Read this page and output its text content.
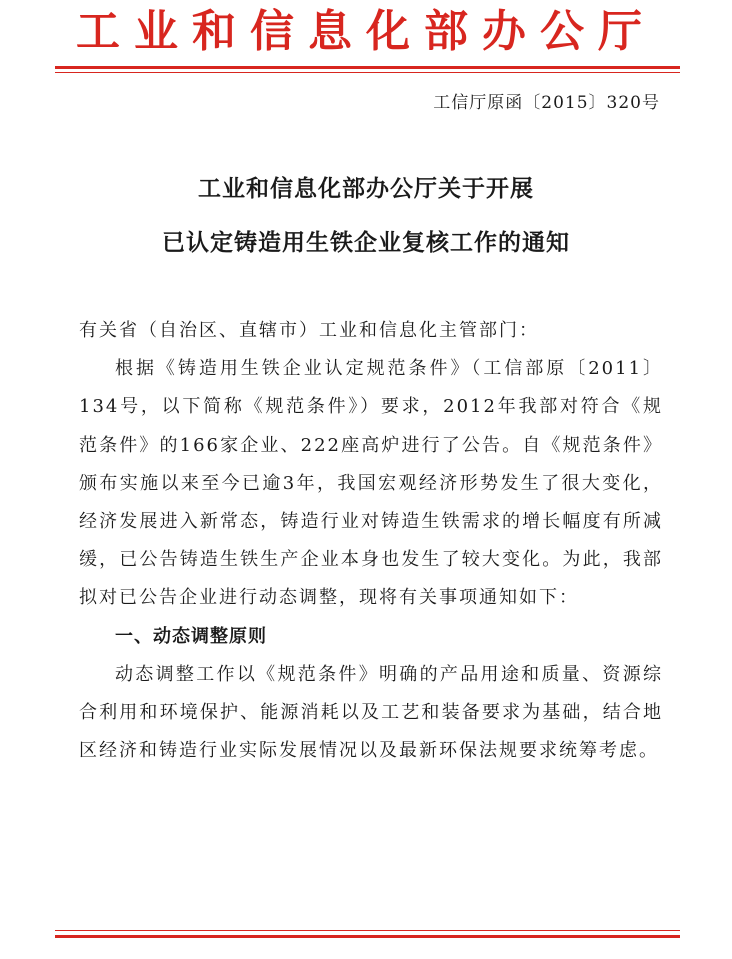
工业和信息化部办公厅
工信厅原函〔2015〕320号
工业和信息化部办公厅关于开展
已认定铸造用生铁企业复核工作的通知

有关省（自治区、直辖市）工业和信息化主管部门：

根据《铸造用生铁企业认定规范条件》（工信部原〔2011〕134号，以下简称《规范条件》）要求，2012年我部对符合《规范条件》的166家企业、222座高炉进行了公告。自《规范条件》颁布实施以来至今已逾3年，我国宏观经济形势发生了很大变化，经济发展进入新常态，铸造行业对铸造生铁需求的增长幅度有所减缓，已公告铸造生铁生产企业本身也发生了较大变化。为此，我部拟对已公告企业进行动态调整，现将有关事项通知如下：

一、动态调整原则

动态调整工作以《规范条件》明确的产品用途和质量、资源综合利用和环境保护、能源消耗以及工艺和装备要求为基础，结合地区经济和铸造行业实际发展情况以及最新环保法规要求统筹考虑。
